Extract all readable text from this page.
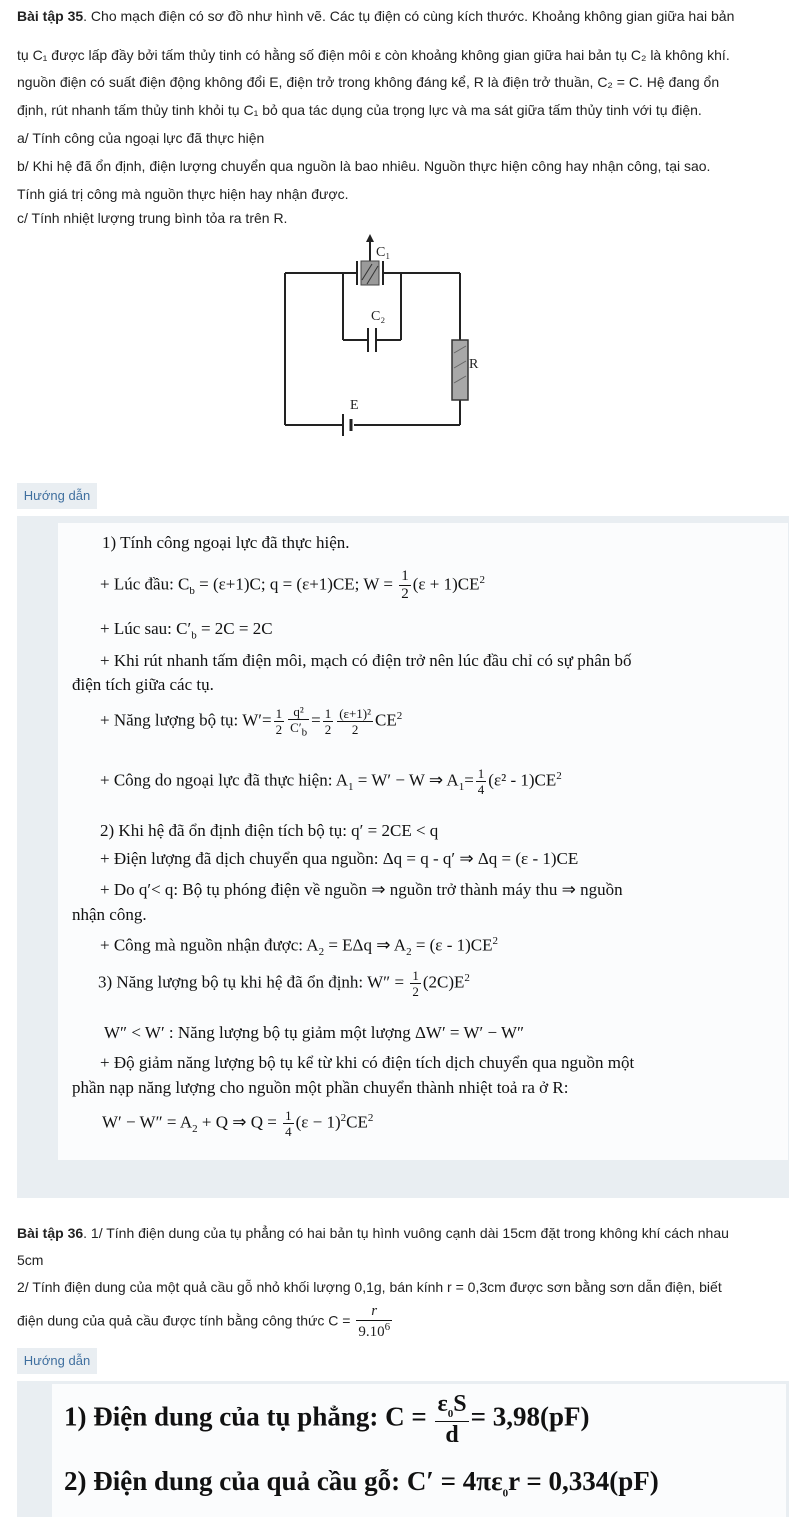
Bài tập 35. Cho mạch điện có sơ đồ như hình vẽ. Các tụ điện có cùng kích thước. Khoảng không gian giữa hai bản

tụ C₁ được lấp đầy bởi tấm thủy tinh có hằng số điện môi ε còn khoảng không gian giữa hai bản tụ C₂ là không khí.

nguồn điện có suất điện động không đổi E, điện trở trong không đáng kể, R là điện trở thuần, C₂ = C. Hệ đang ổn

định, rút nhanh tấm thủy tinh khỏi tụ C₁ bỏ qua tác dụng của trọng lực và ma sát giữa tấm thủy tinh với tụ điện.

a/ Tính công của ngoại lực đã thực hiện

b/ Khi hệ đã ổn định, điện lượng chuyển qua nguồn là bao nhiêu. Nguồn thực hiện công hay nhận công, tại sao.

Tính giá trị công mà nguồn thực hiện hay nhận được.

c/ Tính nhiệt lượng trung bình tỏa ra trên R.

C₁
C₂
R
E
Hướng dẫn
1) Tính công ngoại lực đã thực hiện.
+ Lúc đầu: $C_b = (\varepsilon+1)C$; q = (ε+1)CE; $W = \frac{1}{2} (\varepsilon + 1)CE^2$
+ Lúc sau: $C'_b = 2C = 2C$
+ Khi rút nhanh tấm điện môi, mạch có điện trở nên lúc đầu chỉ có sự phân bố
điện tích giữa các tụ.
+ Năng lượng bộ tụ: $W'= \frac{1}{2} \frac{\text{q²}}{C'_b} = \frac{1}{2} \frac{\text{(ε+1)²}}{2} CE^2$
+ Công do ngoại lực đã thực hiện: $A_1 = W' - W$ ⇒ $A_1= \frac{1}{4} (\varepsilon^2 - 1)CE^2$
2) Khi hệ đã ổn định điện tích bộ tụ: q′ = 2CE < q
+ Điện lượng đã dịch chuyển qua nguồn: Δq = q - q′ ⇒ Δq = (ε - 1)CE
+ Do q′< q: Bộ tụ phóng điện về nguồn ⇒ nguồn trở thành máy thu ⇒ nguồn
nhận công.
+ Công mà nguồn nhận được: $A_2 = E\Delta q$ ⇒ $A_2 = (\varepsilon - 1)CE^2$
3) Năng lượng bộ tụ khi hệ đã ổn định: $W'' = \frac{1}{2} (2C)E^2$
W″ < W′ : Năng lượng bộ tụ giảm một lượng ΔW′ = W′ − W″
+ Độ giảm năng lượng bộ tụ kể từ khi có điện tích dịch chuyển qua nguồn một
phần nạp năng lượng cho nguồn một phần chuyển thành nhiệt toả ra ở R:
$W' - W'' = A_2 + Q$ ⇒ $Q = \frac{1}{4} (\varepsilon - 1)^2CE^2$

Bài tập 36. 1/ Tính điện dung của tụ phẳng có hai bản tụ hình vuông cạnh dài 15cm đặt trong không khí cách nhau

5cm

2/ Tính điện dung của một quả cầu gỗ nhỏ khối lượng 0,1g, bán kính r = 0,3cm được sơn bằng sơn dẫn điện, biết

điện dung của quả cầu được tính bằng công thức $C = \frac{r}{9.10^6}$

Hướng dẫn
1) Điện dung của tụ phẳng: $C = \frac{\varepsilon_0S}{d} = 3,98(pF)$
2) Điện dung của quả cầu gỗ: $C' = 4\pi\varepsilon_0r = 0,334(pF)$
